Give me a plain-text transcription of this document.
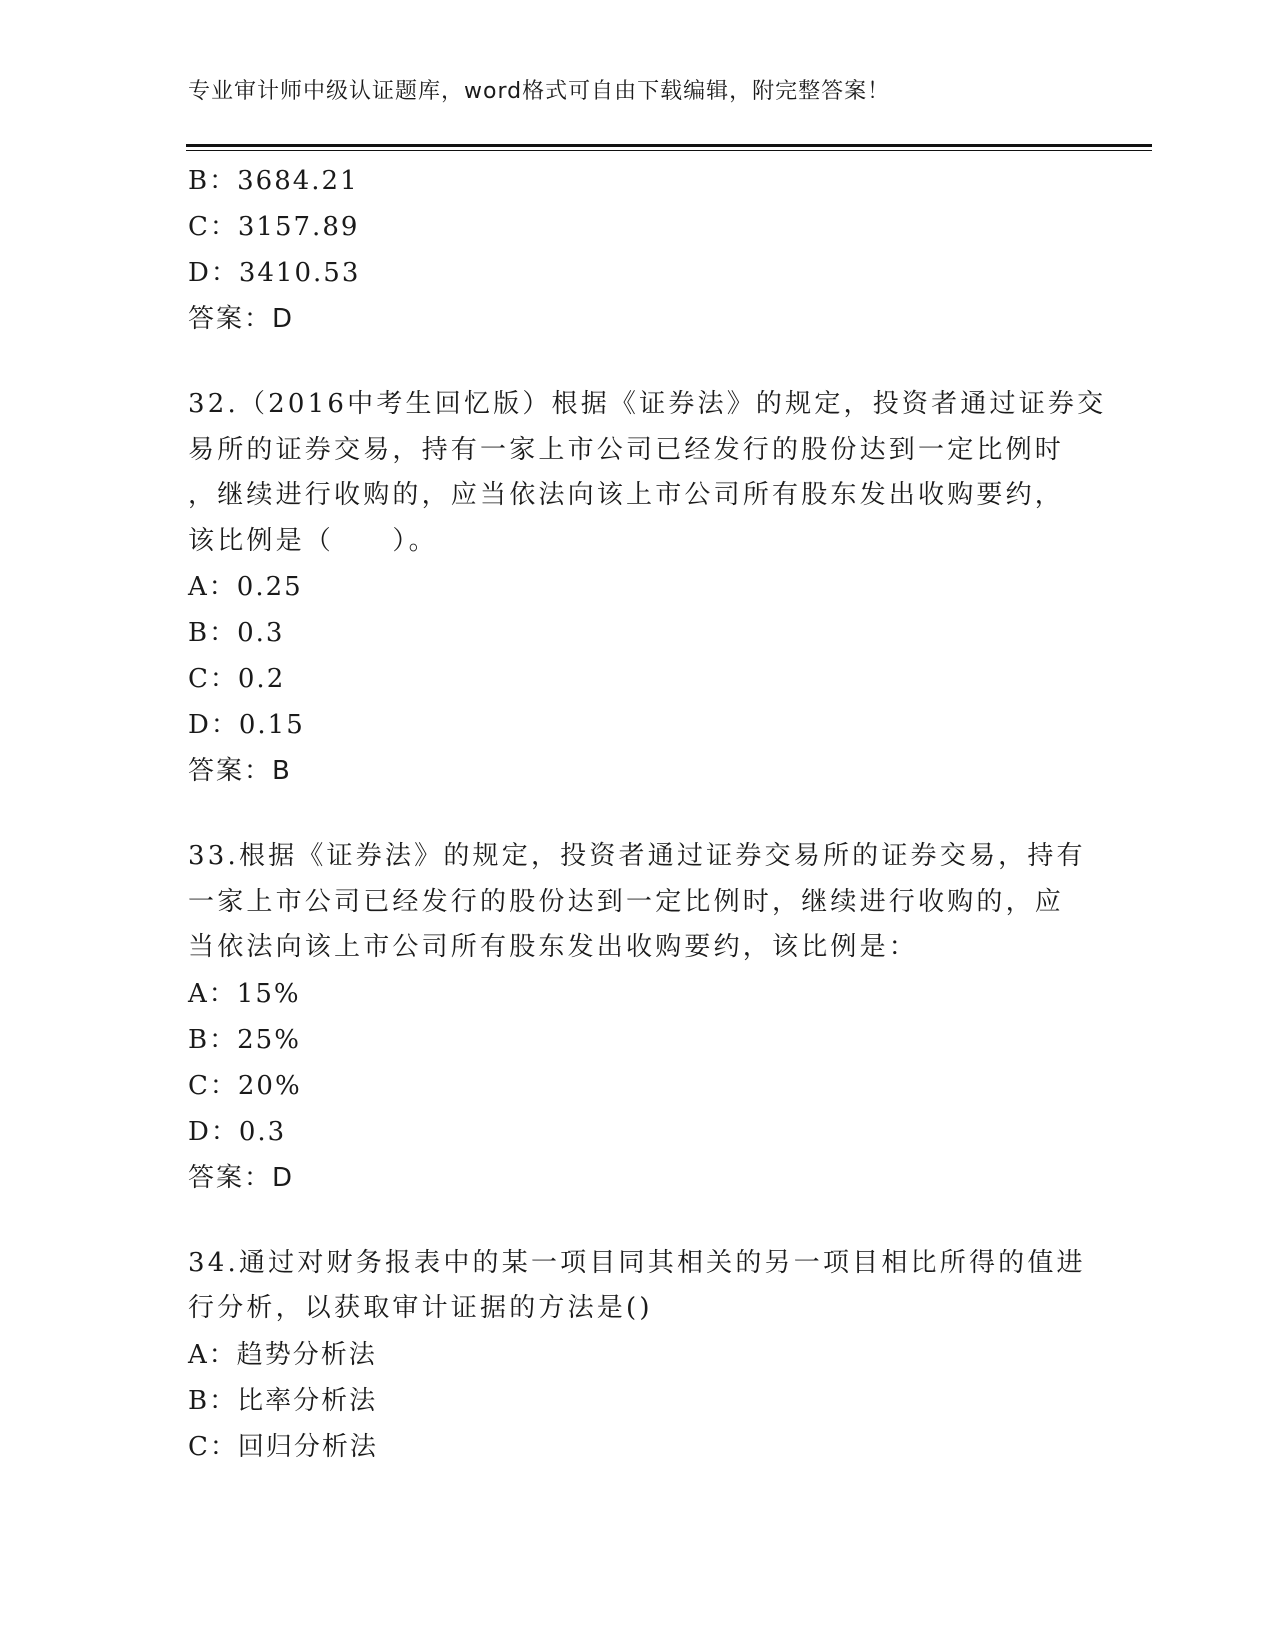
专业审计师中级认证题库，word格式可自由下载编辑，附完整答案！
B：3684.21
C：3157.89
D：3410.53
答案：D
32.（2016中考生回忆版）根据《证券法》的规定，投资者通过证券交
易所的证券交易，持有一家上市公司已经发行的股份达到一定比例时
，继续进行收购的，应当依法向该上市公司所有股东发出收购要约，
该比例是（　　）。
A：0.25
B：0.3
C：0.2
D：0.15
答案：B
33.根据《证券法》的规定，投资者通过证券交易所的证券交易，持有
一家上市公司已经发行的股份达到一定比例时，继续进行收购的，应
当依法向该上市公司所有股东发出收购要约，该比例是：
A：15%
B：25%
C：20%
D：0.3
答案：D
34.通过对财务报表中的某一项目同其相关的另一项目相比所得的值进
行分析，以获取审计证据的方法是()
A：趋势分析法
B：比率分析法
C：回归分析法
